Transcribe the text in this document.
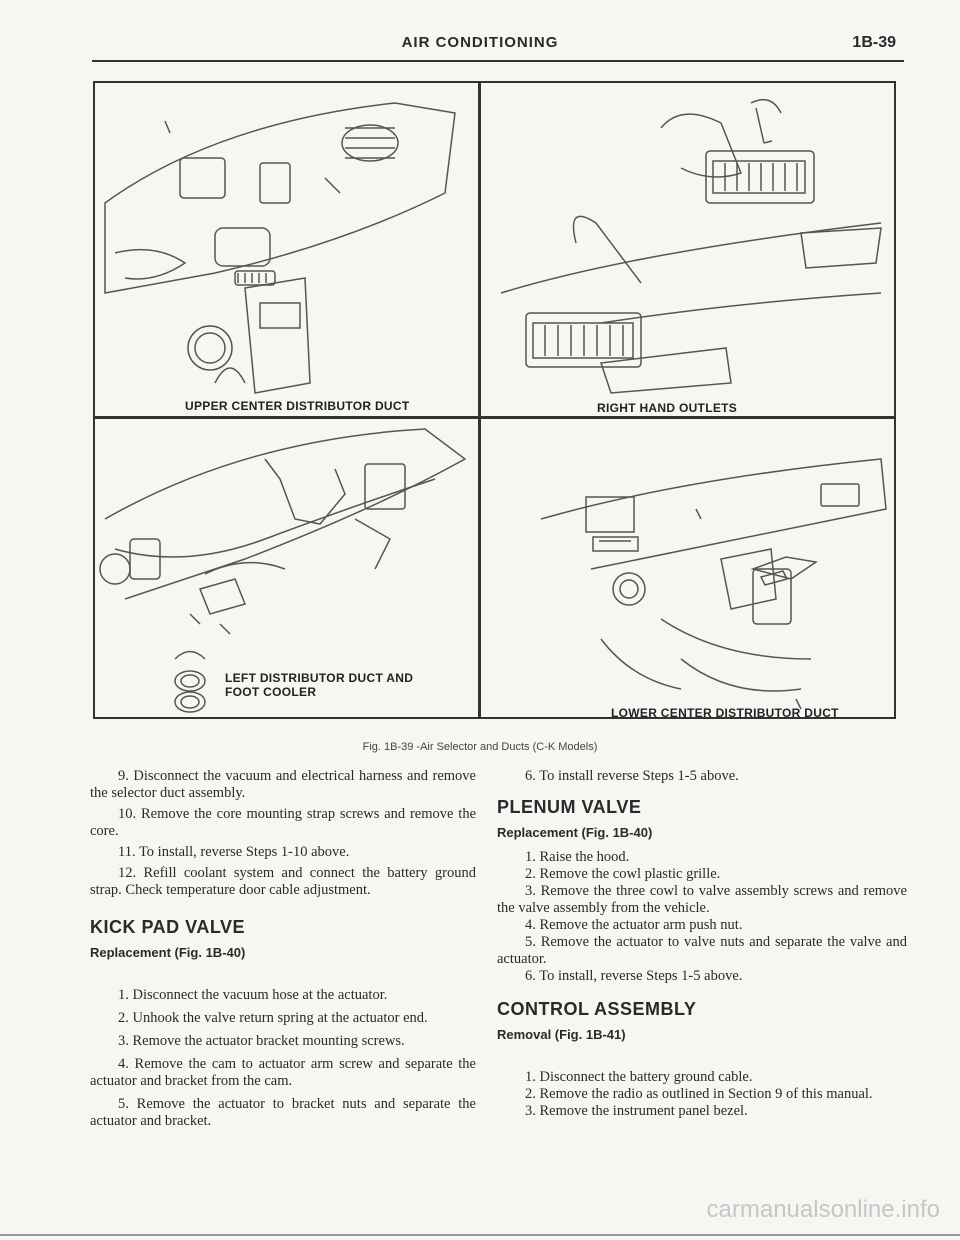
AIR CONDITIONING	1B-39
UPPER CENTER DISTRIBUTOR DUCT	RIGHT HAND OUTLETS
LEFT DISTRIBUTOR DUCT AND
FOOT COOLER
LOWER CENTER DISTRIBUTOR DUCT
Fig. 1B-39 -Air Selector and Ducts (C-K Models)

9. Disconnect the vacuum and electrical harness and remove the selector duct assembly.

10. Remove the core mounting strap screws and remove the core.

11. To install, reverse Steps 1-10 above.

12. Refill coolant system and connect the battery ground strap. Check temperature door cable adjustment.

KICK PAD VALVE
Replacement (Fig. 1B-40)

1. Disconnect the vacuum hose at the actuator.

2. Unhook the valve return spring at the actuator end.

3. Remove the actuator bracket mounting screws.

4. Remove the cam to actuator arm screw and separate the actuator and bracket from the cam.

5. Remove the actuator to bracket nuts and separate the actuator and bracket.

6. To install reverse Steps 1-5 above.

PLENUM VALVE
Replacement (Fig. 1B-40)

1. Raise the hood.

2. Remove the cowl plastic grille.

3. Remove the three cowl to valve assembly screws and remove the valve assembly from the vehicle.

4. Remove the actuator arm push nut.

5. Remove the actuator to valve nuts and separate the valve and actuator.

6. To install, reverse Steps 1-5 above.

CONTROL ASSEMBLY
Removal (Fig. 1B-41)

1. Disconnect the battery ground cable.

2. Remove the radio as outlined in Section 9 of this manual.

3. Remove the instrument panel bezel.

carmanualsonline.info
